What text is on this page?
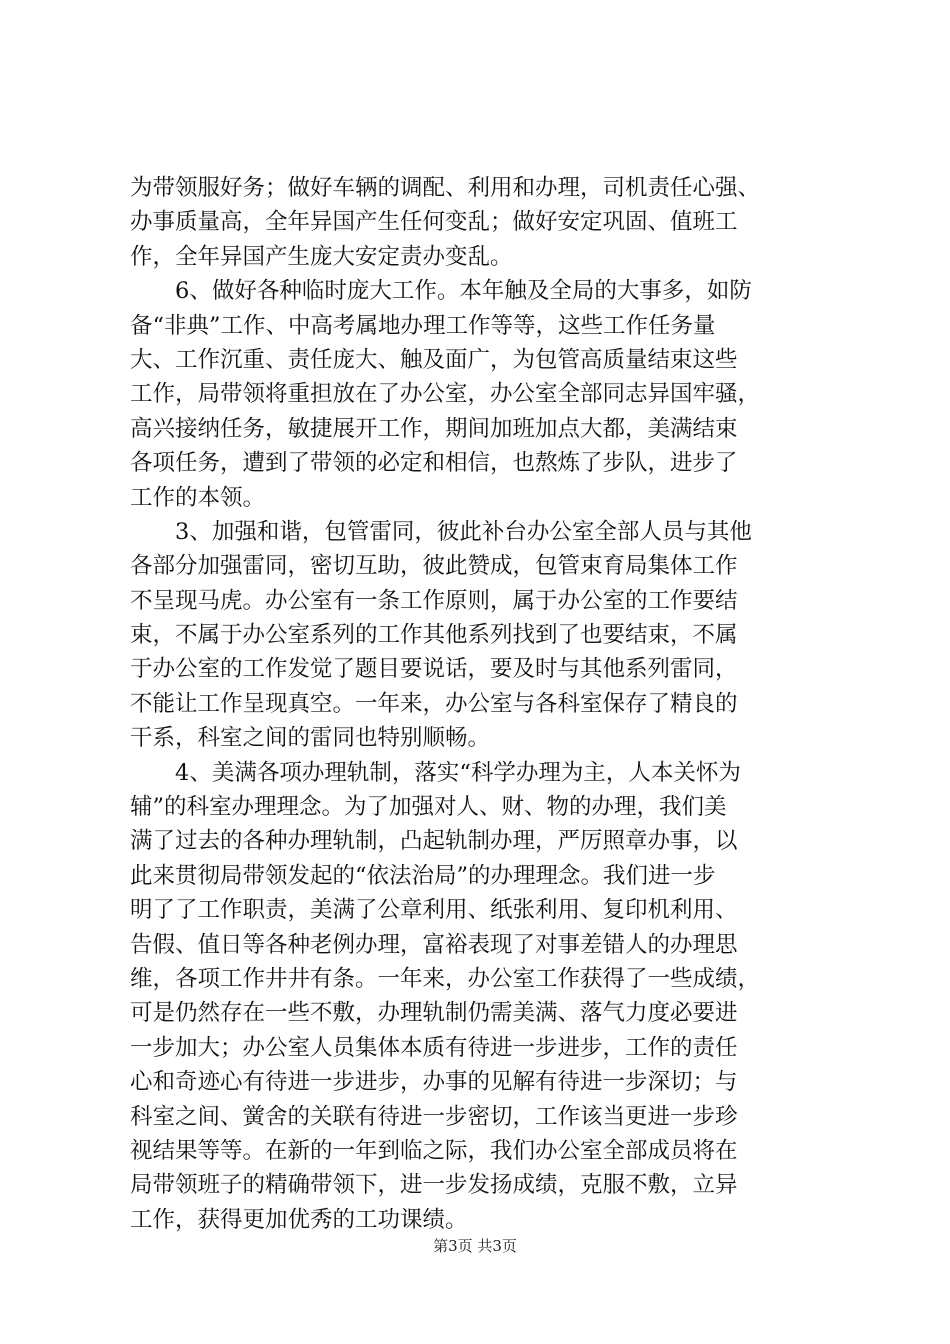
为带领服好务；做好车辆的调配、利用和办理，司机责任心强、
办事质量高，全年异国产生任何变乱；做好安定巩固、值班工
作，全年异国产生庞大安定责办变乱。
　　6、做好各种临时庞大工作。本年触及全局的大事多，如防
备“非典”工作、中高考属地办理工作等等，这些工作任务量
大、工作沉重、责任庞大、触及面广，为包管高质量结束这些
工作，局带领将重担放在了办公室，办公室全部同志异国牢骚，
高兴接纳任务，敏捷展开工作，期间加班加点大都，美满结束
各项任务，遭到了带领的必定和相信，也熬炼了步队，进步了
工作的本领。
　　3、加强和谐，包管雷同，彼此补台办公室全部人员与其他
各部分加强雷同，密切互助，彼此赞成，包管束育局集体工作
不呈现马虎。办公室有一条工作原则，属于办公室的工作要结
束，不属于办公室系列的工作其他系列找到了也要结束，不属
于办公室的工作发觉了题目要说话，要及时与其他系列雷同，
不能让工作呈现真空。一年来，办公室与各科室保存了精良的
干系，科室之间的雷同也特别顺畅。
　　4、美满各项办理轨制，落实“科学办理为主，人本关怀为
辅”的科室办理理念。为了加强对人、财、物的办理，我们美
满了过去的各种办理轨制，凸起轨制办理，严厉照章办事，以
此来贯彻局带领发起的“依法治局”的办理理念。我们进一步
明了了工作职责，美满了公章利用、纸张利用、复印机利用、
告假、值日等各种老例办理，富裕表现了对事差错人的办理思
维，各项工作井井有条。一年来，办公室工作获得了一些成绩，
可是仍然存在一些不敷，办理轨制仍需美满、落气力度必要进
一步加大；办公室人员集体本质有待进一步进步，工作的责任
心和奇迹心有待进一步进步，办事的见解有待进一步深切；与
科室之间、黉舍的关联有待进一步密切，工作该当更进一步珍
视结果等等。在新的一年到临之际，我们办公室全部成员将在
局带领班子的精确带领下，进一步发扬成绩，克服不敷，立异
工作，获得更加优秀的工功课绩。
第3页 共3页
